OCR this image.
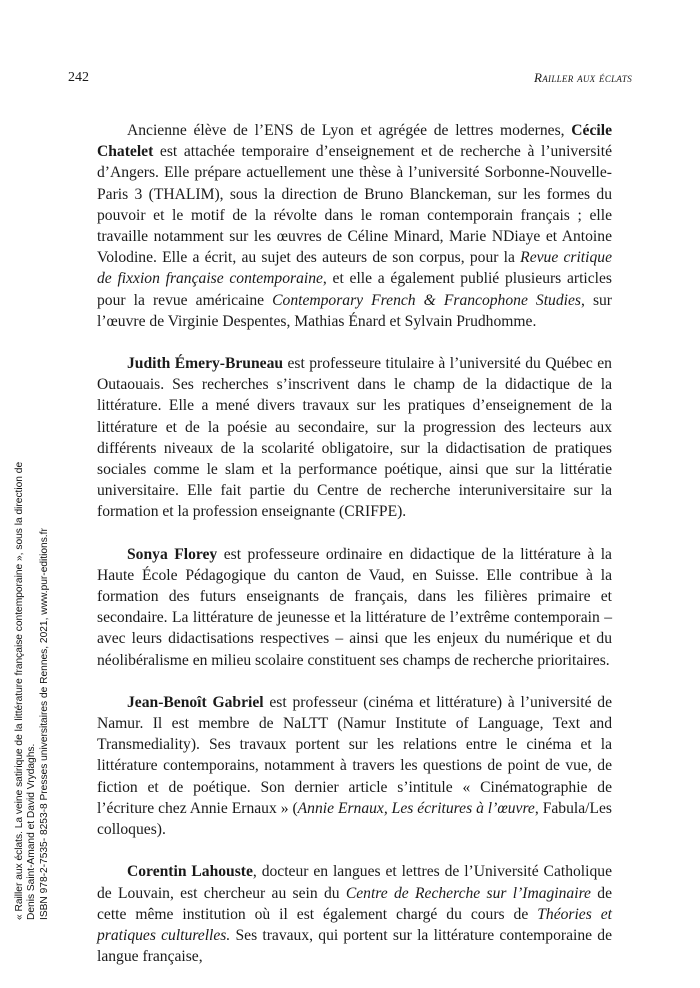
242	Railler aux éclats

Ancienne élève de l’ENS de Lyon et agrégée de lettres modernes, Cécile Chatelet est attachée temporaire d’enseignement et de recherche à l’université d’Angers. Elle prépare actuellement une thèse à l’université Sorbonne-Nouvelle-Paris 3 (THALIM), sous la direction de Bruno Blanckeman, sur les formes du pouvoir et le motif de la révolte dans le roman contemporain français ; elle travaille notamment sur les œuvres de Céline Minard, Marie NDiaye et Antoine Volodine. Elle a écrit, au sujet des auteurs de son corpus, pour la Revue critique de fixxion française contemporaine, et elle a également publié plusieurs articles pour la revue américaine Contemporary French & Francophone Studies, sur l’œuvre de Virginie Despentes, Mathias Énard et Sylvain Prudhomme.

Judith Émery-Bruneau est professeure titulaire à l’université du Québec en Outaouais. Ses recherches s’inscrivent dans le champ de la didactique de la littérature. Elle a mené divers travaux sur les pratiques d’enseignement de la littérature et de la poésie au secondaire, sur la progression des lecteurs aux différents niveaux de la scolarité obligatoire, sur la didactisation de pratiques sociales comme le slam et la performance poétique, ainsi que sur la littératie universitaire. Elle fait partie du Centre de recherche interuniversitaire sur la formation et la profession enseignante (CRIFPE).

Sonya Florey est professeure ordinaire en didactique de la littérature à la Haute École Pédagogique du canton de Vaud, en Suisse. Elle contribue à la formation des futurs enseignants de français, dans les filières primaire et secondaire. La littérature de jeunesse et la littérature de l’extrême contemporain – avec leurs didactisations respectives – ainsi que les enjeux du numérique et du néolibéralisme en milieu scolaire constituent ses champs de recherche prioritaires.

Jean-Benoît Gabriel est professeur (cinéma et littérature) à l’université de Namur. Il est membre de NaLTT (Namur Institute of Language, Text and Transmediality). Ses travaux portent sur les relations entre le cinéma et la littérature contemporains, notamment à travers les questions de point de vue, de fiction et de poétique. Son dernier article s’intitule « Cinématographie de l’écriture chez Annie Ernaux » (Annie Ernaux, Les écritures à l’œuvre, Fabula/Les colloques).

Corentin Lahouste, docteur en langues et lettres de l’Université Catholique de Louvain, est chercheur au sein du Centre de Recherche sur l’Imaginaire de cette même institution où il est également chargé du cours de Théories et pratiques culturelles. Ses travaux, qui portent sur la littérature contemporaine de langue française,

« Railler aux éclats. La veine satirique de la littérature française contemporaine », sous la direction de Denis Saint-Amand et David Vrydaghs. ISBN 978-2-7535- 8253-8 Presses universitaires de Rennes, 2021, www.pur-editions.fr
